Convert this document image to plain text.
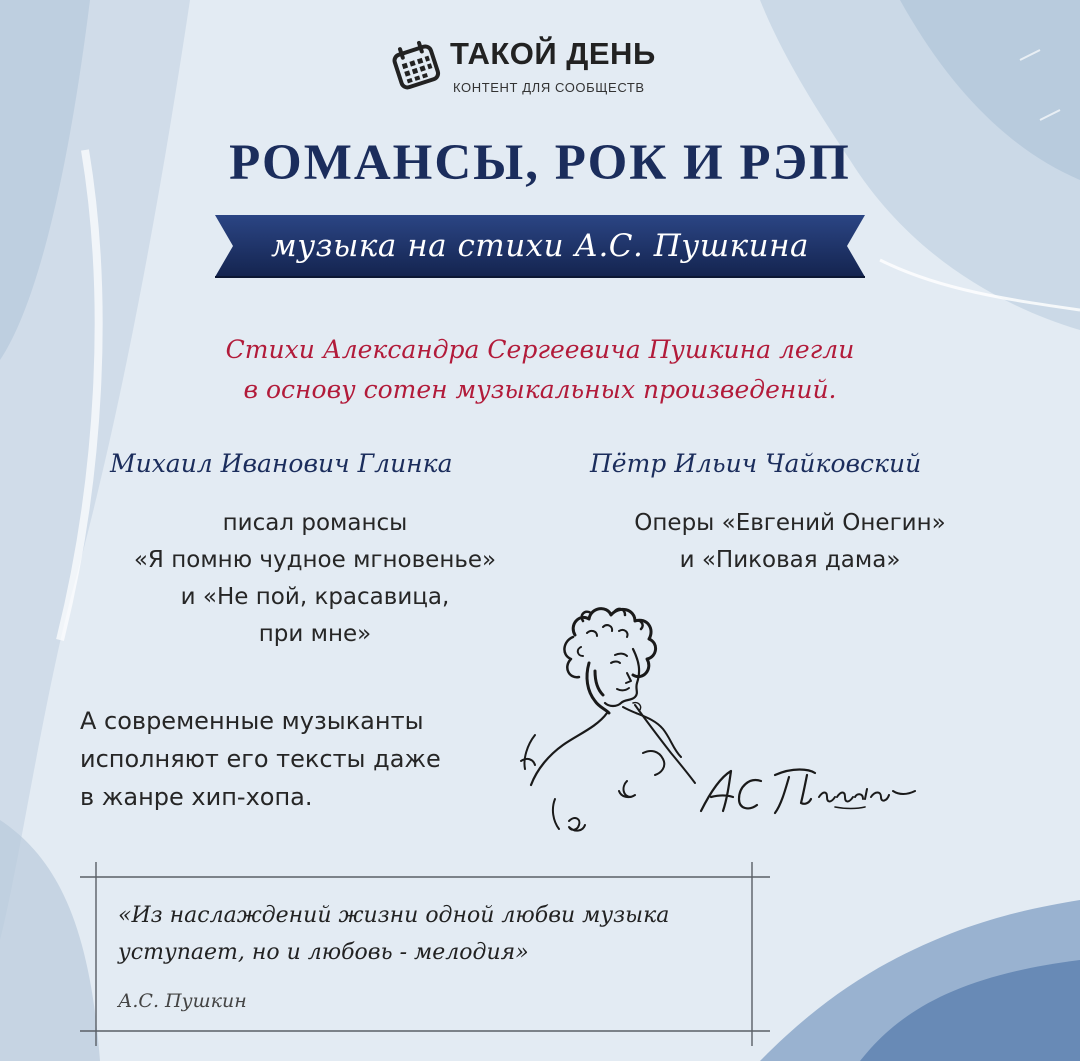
ТАКОЙ ДЕНЬ
КОНТЕНТ ДЛЯ СООБЩЕСТВ
РОМАНСЫ, РОК И РЭП
музыка на стихи А.С. Пушкина
Стихи Александра Сергеевича Пушкина легли
в основу сотен музыкальных произведений.
Михаил Иванович Глинка
писал романсы
«Я помню чудное мгновенье»
и «Не пой, красавица,
при мне»
Пётр Ильич Чайковский
Оперы «Евгений Онегин»
и «Пиковая дама»
А современные музыканты
исполняют его тексты даже
в жанре хип-хопа.
«Из наслаждений жизни одной любви музыка
уступает, но и любовь - мелодия»
А.С. Пушкин
